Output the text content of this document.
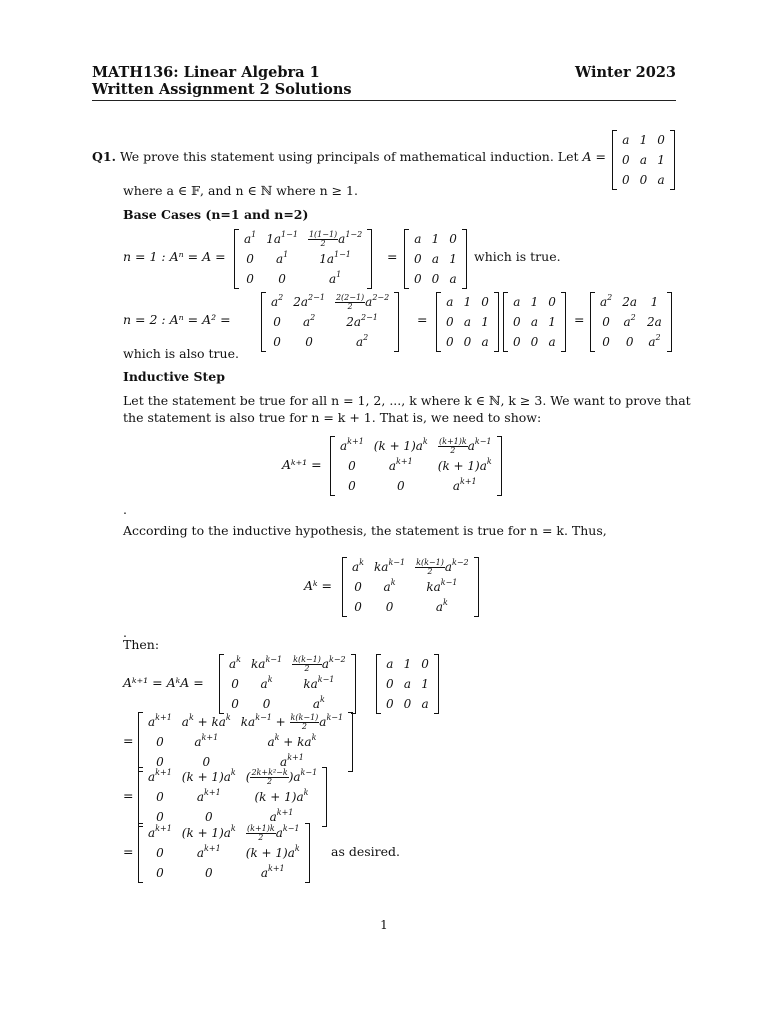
MATH136: Linear Algebra 1	Winter 2023
Written Assignment 2 Solutions
Q1. We prove this statement using principals of mathematical induction. Let A =
a	1	0
0	a	1
0	0	a
where a ∈ 𝔽, and n ∈ ℕ where n ≥ 1.
Base Cases (n=1 and n=2)
n = 1 : Aⁿ = A =
$a^1$	$1a^{1-1}$	$\frac{1(1-1)}{2} a^{1-2}$
0	$a^1$	$1a^{1-1}$
0	0	$a^1$
=
a	1	0
0	a	1
0	0	a
which is true.
n = 2 : Aⁿ = A² =
$a^2$	$2a^{2-1}$	$\frac{2(2-1)}{2} a^{2-2}$
0	$a^2$	$2a^{2-1}$
0	0	$a^2$
=
a	1	0
0	a	1
0	0	a
a	1	0
0	a	1
0	0	a
=
$a^2$	2a	1
0	$a^2$	2a
0	0	$a^2$
which is also true.
Inductive Step
Let the statement be true for all n = 1, 2, ..., k where k ∈ ℕ, k ≥ 3. We want to prove that
the statement is also true for n = k + 1. That is, we need to show:
Aᵏ⁺¹ =
$a^{k+1}$	$(k + 1)a^k$	$\frac{(k+1)k}{2} a^{k-1}$
0	$a^{k+1}$	$(k + 1)a^k$
0	0	$a^{k+1}$
.
According to the inductive hypothesis, the statement is true for n = k. Thus,
Aᵏ =
$a^k$	$ka^{k-1}$	$\frac{k(k-1)}{2} a^{k-2}$
0	$a^k$	$ka^{k-1}$
0	0	$a^k$
.
Then:
Aᵏ⁺¹ = AᵏA =
$a^k$	$ka^{k-1}$	$\frac{k(k-1)}{2} a^{k-2}$
0	$a^k$	$ka^{k-1}$
0	0	$a^k$
a	1	0
0	a	1
0	0	a
=
$a^{k+1}$	$a^k + ka^k$	$ka^{k-1} + \frac{k(k-1)}{2} a^{k-1}$
0	$a^{k+1}$	$a^k + ka^k$
0	0	$a^{k+1}$
=
$a^{k+1}$	$(k + 1)a^k$	( $\frac{\text{2k+k²−k}}{2} )a^{k-1}$
0	$a^{k+1}$	$(k + 1)a^k$
0	0	$a^{k+1}$
=
$a^{k+1}$	$(k + 1)a^k$	$\frac{(k+1)k}{2} a^{k-1}$
0	$a^{k+1}$	$(k + 1)a^k$
0	0	$a^{k+1}$
as desired.
1
